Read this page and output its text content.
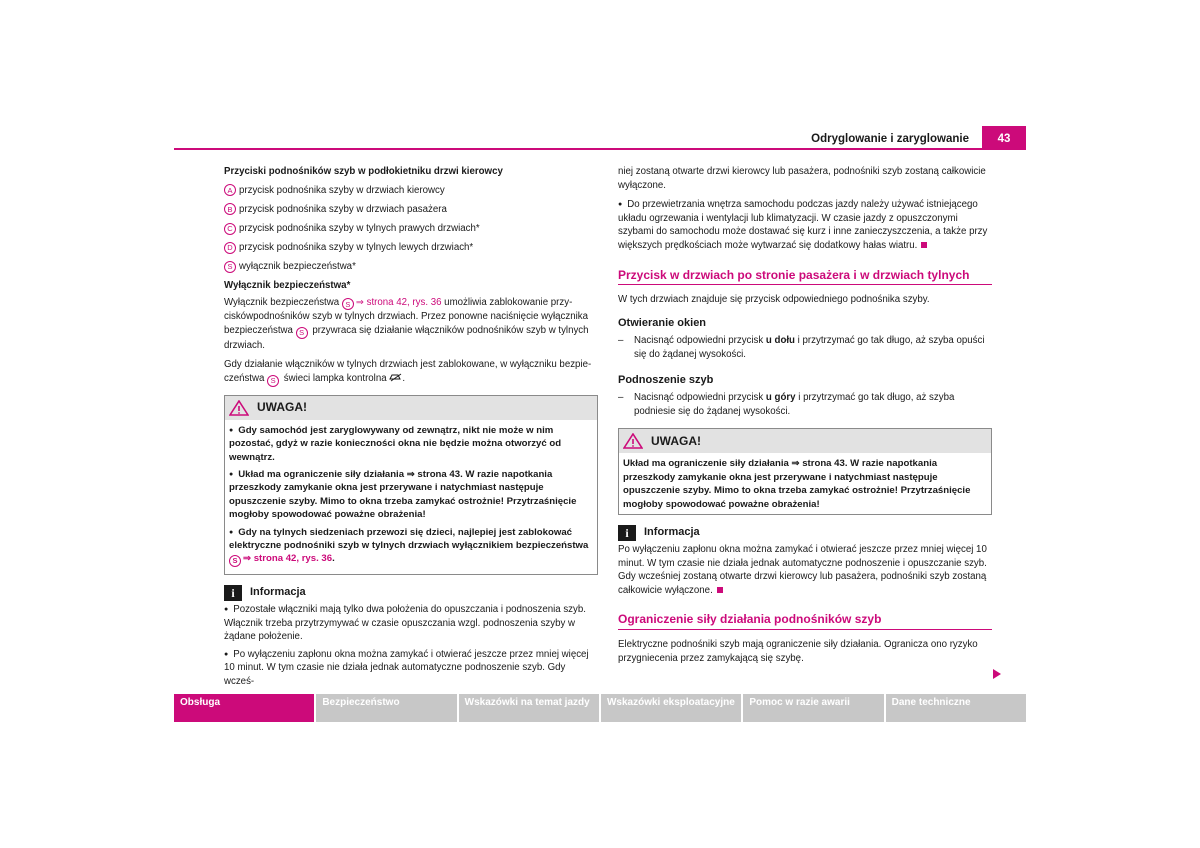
Odryglowanie i zaryglowanie	43
Przyciski podnośników szyb w podłokietniku drzwi kierowcy
A przycisk podnośnika szyby w drzwiach kierowcy
B przycisk podnośnika szyby w drzwiach pasażera
C przycisk podnośnika szyby w tylnych prawych drzwiach*
D przycisk podnośnika szyby w tylnych lewych drzwiach*
S wyłącznik bezpieczeństwa*
Wyłącznik bezpieczeństwa*

Wyłącznik bezpieczeństwa S ⇒ strona 42, rys. 36 umożliwia zablokowanie przy-ciskówpodnośników szyb w tylnych drzwiach. Przez ponowne naciśnięcie wyłącznika bezpieczeństwa S przywraca się działanie włączników podnośników szyb w tylnych drzwiach.

Gdy działanie włączników w tylnych drzwiach jest zablokowane, w wyłączniku bezpie-czeństwa S świeci lampka kontrolna .

UWAGA!

● Gdy samochód jest zaryglowywany od zewnątrz, nikt nie może w nim pozostać, gdyż w razie konieczności okna nie będzie można otworzyć od wewnątrz.

● Układ ma ograniczenie siły działania ⇒ strona 43. W razie napotkania przeszkody zamykanie okna jest przerywane i natychmiast następuje opuszczenie szyby. Mimo to okna trzeba zamykać ostrożnie! Przytrzaśnięcie mogłoby spowodować poważne obrażenia!

● Gdy na tylnych siedzeniach przewozi się dzieci, najlepiej jest zablokować elektryczne podnośniki szyb w tylnych drzwiach wyłącznikiem bezpieczeństwa S ⇒ strona 42, rys. 36.

i	Informacja

● Pozostałe włączniki mają tylko dwa położenia do opuszczania i podnoszenia szyb. Włącznik trzeba przytrzymywać w czasie opuszczania wzgl. podnoszenia szyby w żądane położenie.

● Po wyłączeniu zapłonu okna można zamykać i otwierać jeszcze przez mniej więcej 10 minut. W tym czasie nie działa jednak automatyczne podnoszenie szyb. Gdy wcześ-

niej zostaną otwarte drzwi kierowcy lub pasażera, podnośniki szyb zostaną całkowicie wyłączone.

● Do przewietrzania wnętrza samochodu podczas jazdy należy używać istniejącego układu ogrzewania i wentylacji lub klimatyzacji. W czasie jazdy z opuszczonymi szybami do samochodu może dostawać się kurz i inne zanieczyszczenia, a także przy większych prędkościach może wytwarzać się dodatkowy hałas wiatru.

Przycisk w drzwiach po stronie pasażera i w drzwiach tylnych

W tych drzwiach znajduje się przycisk odpowiedniego podnośnika szyby.

Otwieranie okien
–	Nacisnąć odpowiedni przycisk u dołu i przytrzymać go tak długo, aż szyba opuści się do żądanej wysokości.
Podnoszenie szyb
–	Nacisnąć odpowiedni przycisk u góry i przytrzymać go tak długo, aż szyba podniesie się do żądanej wysokości.
UWAGA!
Układ ma ograniczenie siły działania ⇒ strona 43. W razie napotkania przeszkody zamykanie okna jest przerywane i natychmiast następuje opuszczenie szyby. Mimo to okna trzeba zamykać ostrożnie! Przytrzaśnięcie mogłoby spowodować poważne obrażenia!
i	Informacja

Po wyłączeniu zapłonu okna można zamykać i otwierać jeszcze przez mniej więcej 10 minut. W tym czasie nie działa jednak automatyczne podnoszenie i opuszczanie szyb. Gdy wcześniej zostaną otwarte drzwi kierowcy lub pasażera, podnośniki szyb zostaną całkowicie wyłączone.

Ograniczenie siły działania podnośników szyb

Elektryczne podnośniki szyb mają ograniczenie siły działania. Ogranicza ono ryzyko przygniecenia przez zamykającą się szybę.

Obsługa	Bezpieczeństwo	Wskazówki na temat jazdy	Wskazówki eksploatacyjne	Pomoc w razie awarii	Dane techniczne
